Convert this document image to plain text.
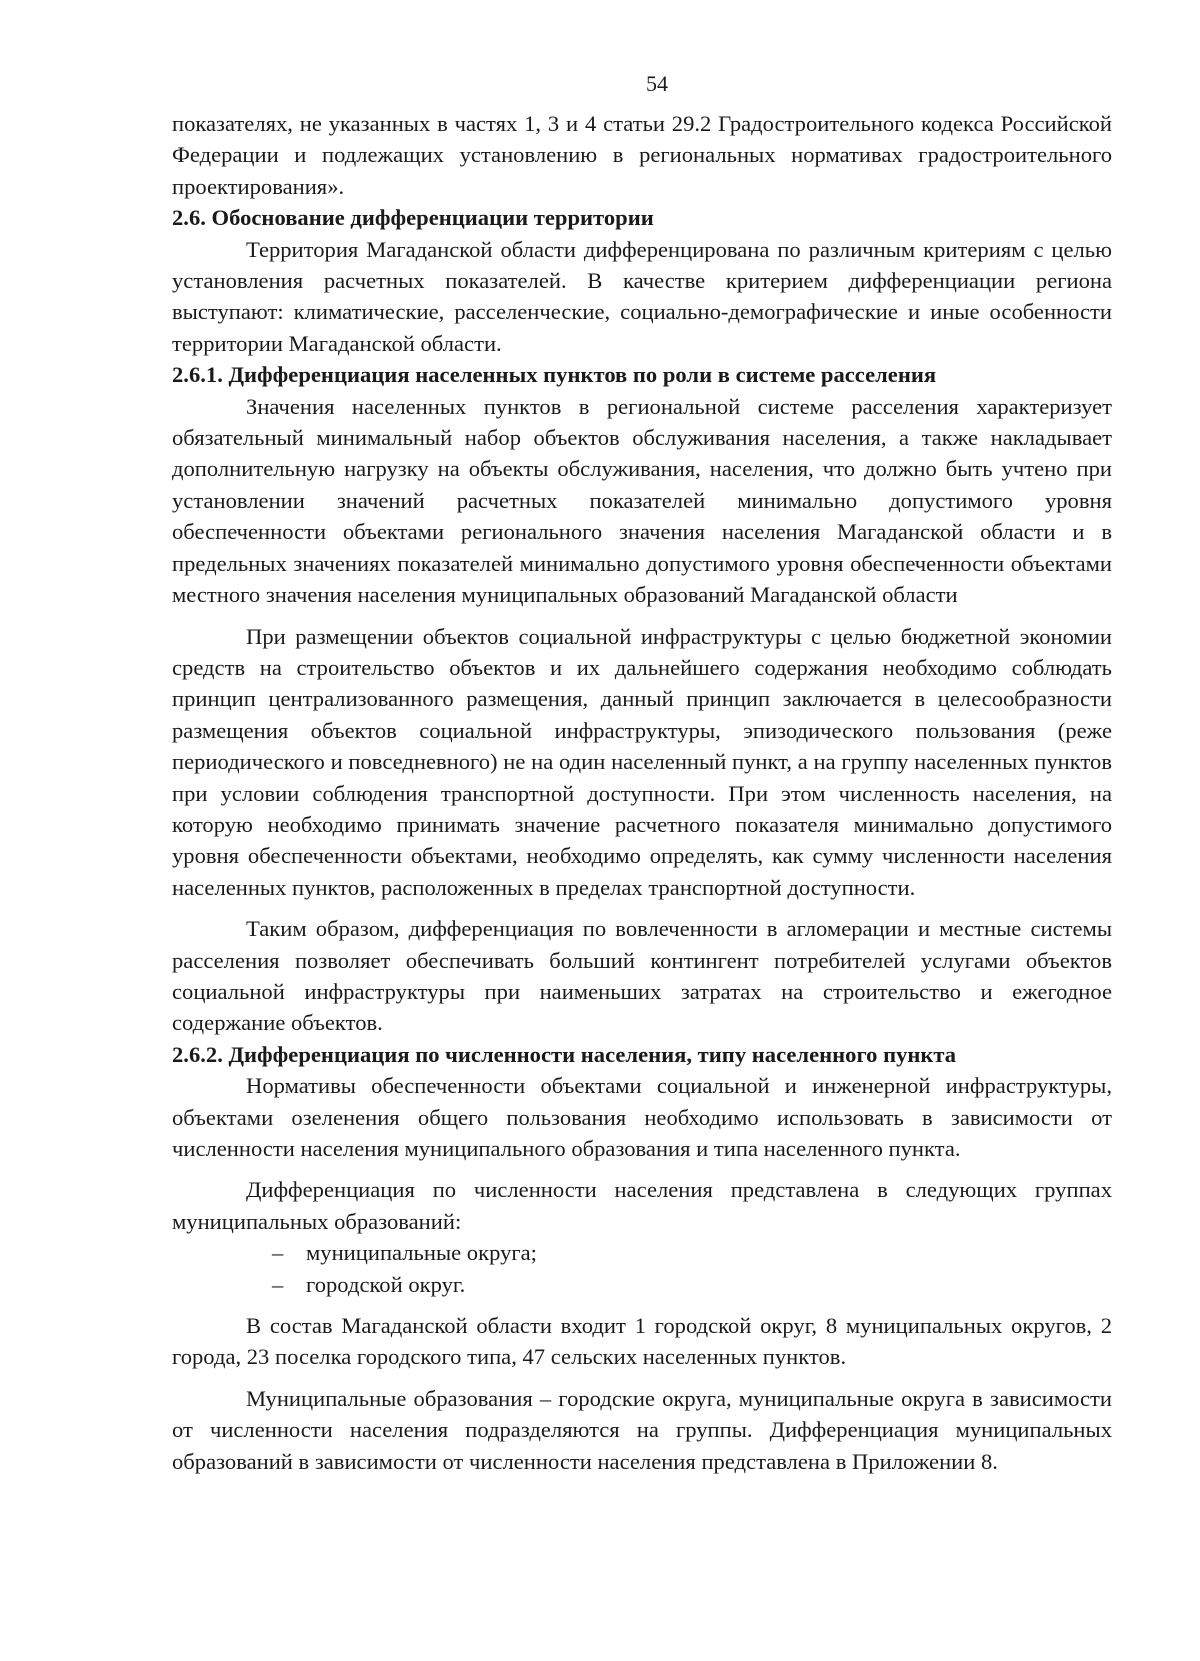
54

показателях, не указанных в частях 1, 3 и 4 статьи 29.2 Градостроительного кодекса Российской Федерации и подлежащих установлению в региональных нормативах градостроительного проектирования».

2.6. Обоснование дифференциации территории

Территория Магаданской области дифференцирована по различным критериям с целью установления расчетных показателей. В качестве критерием дифференциации региона выступают: климатические, расселенческие, социально-демографические и иные особенности территории Магаданской области.

2.6.1. Дифференциация населенных пунктов по роли в системе расселения

Значения населенных пунктов в региональной системе расселения характеризует обязательный минимальный набор объектов обслуживания населения, а также накладывает дополнительную нагрузку на объекты обслуживания, населения, что должно быть учтено при установлении значений расчетных показателей минимально допустимого уровня обеспеченности объектами регионального значения населения Магаданской области и в предельных значениях показателей минимально допустимого уровня обеспеченности объектами местного значения населения муниципальных образований Магаданской области

При размещении объектов социальной инфраструктуры с целью бюджетной экономии средств на строительство объектов и их дальнейшего содержания необходимо соблюдать принцип централизованного размещения, данный принцип заключается в целесообразности размещения объектов социальной инфраструктуры, эпизодического пользования (реже периодического и повседневного) не на один населенный пункт, а на группу населенных пунктов при условии соблюдения транспортной доступности. При этом численность населения, на которую необходимо принимать значение расчетного показателя минимально допустимого уровня обеспеченности объектами, необходимо определять, как сумму численности населения населенных пунктов, расположенных в пределах транспортной доступности.

Таким образом, дифференциация по вовлеченности в агломерации и местные системы расселения позволяет обеспечивать больший контингент потребителей услугами объектов социальной инфраструктуры при наименьших затратах на строительство и ежегодное содержание объектов.

2.6.2. Дифференциация по численности населения, типу населенного пункта

Нормативы обеспеченности объектами социальной и инженерной инфраструктуры, объектами озеленения общего пользования необходимо использовать в зависимости от численности населения муниципального образования и типа населенного пункта.

Дифференциация по численности населения представлена в следующих группах муниципальных образований:

– муниципальные округа;
– городской округ.

В состав Магаданской области входит 1 городской округ, 8 муниципальных округов, 2 города, 23 поселка городского типа, 47 сельских населенных пунктов.

Муниципальные образования – городские округа, муниципальные округа в зависимости от численности населения подразделяются на группы. Дифференциация муниципальных образований в зависимости от численности населения представлена в Приложении 8.
